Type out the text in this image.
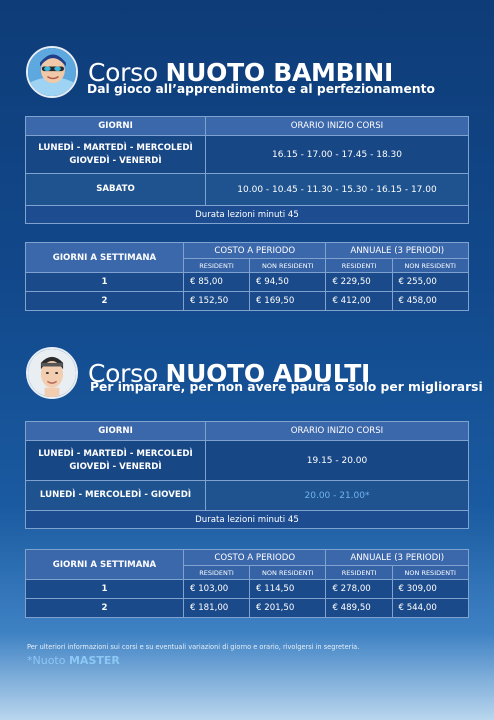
Corso NUOTO BAMBINI
Dal gioco all’apprendimento e al perfezionamento
GIORNI	ORARIO INIZIO CORSI

LUNEDÌ - MARTEDÌ - MERCOLEDÌ
GIOVEDÌ - VENERDÌ	16.15 - 17.00 - 17.45 - 18.30
SABATO	10.00 - 10.45 - 11.30 - 15.30 - 16.15 - 17.00
Durata lezioni minuti 45	
GIORNI A SETTIMANA	COSTO A PERIODO		ANNUALE (3 PERIODI)	
	RESIDENTI	NON RESIDENTI	RESIDENTI	NON RESIDENTI
1	€ 85,00	€ 94,50	€ 229,50	€ 255,00
2	€ 152,50	€ 169,50	€ 412,00	€ 458,00
Corso NUOTO ADULTI
Per imparare, per non avere paura o solo per migliorarsi
GIORNI	ORARIO INIZIO CORSI

LUNEDÌ - MARTEDÌ - MERCOLEDÌ
GIOVEDÌ - VENERDÌ	19.15 - 20.00
LUNEDÌ - MERCOLEDÌ - GIOVEDÌ	20.00 - 21.00*
Durata lezioni minuti 45	
GIORNI A SETTIMANA	COSTO A PERIODO		ANNUALE (3 PERIODI)	
	RESIDENTI	NON RESIDENTI	RESIDENTI	NON RESIDENTI
1	€ 103,00	€ 114,50	€ 278,00	€ 309,00
2	€ 181,00	€ 201,50	€ 489,50	€ 544,00
Per ulteriori informazioni sui corsi e su eventuali variazioni di giorno e orario, rivolgersi in segreteria.
*Nuoto MASTER
